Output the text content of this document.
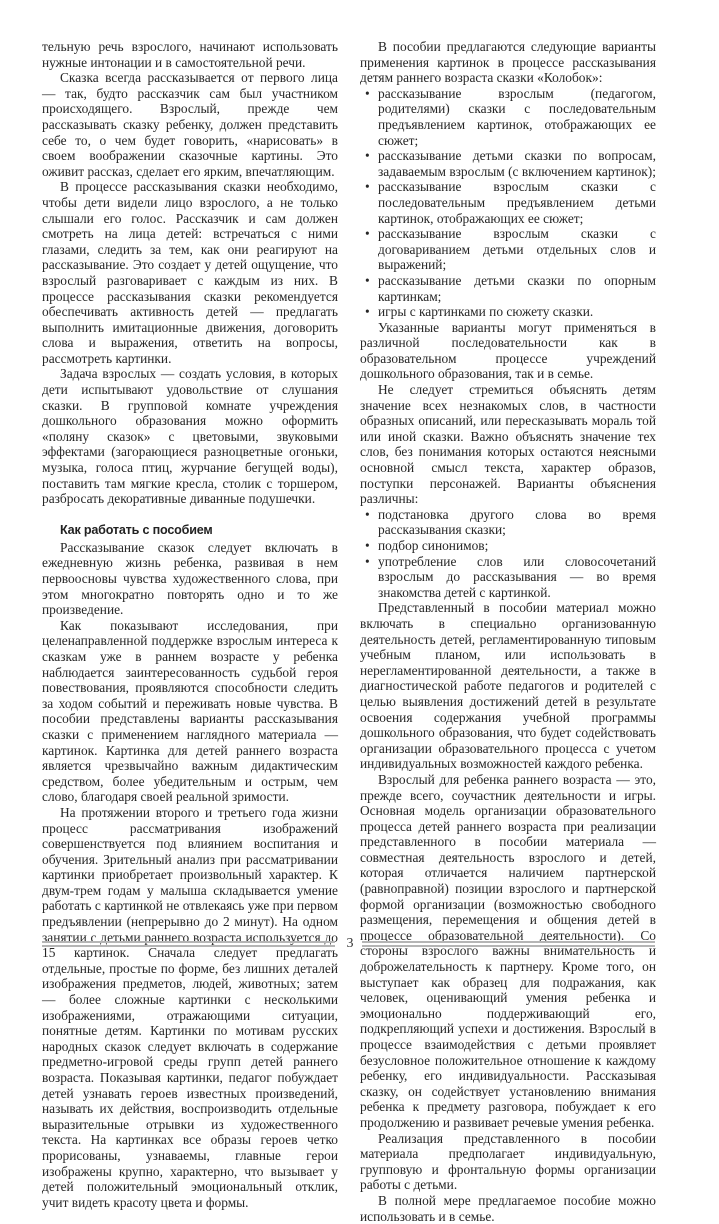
тельную речь взрослого, начинают использовать нужные интонации и в самостоятельной речи.

Сказка всегда рассказывается от первого лица — так, будто рассказчик сам был участником происходящего. Взрослый, прежде чем рассказывать сказку ребенку, должен представить себе то, о чем будет говорить, «нарисовать» в своем воображении сказочные картины. Это оживит рассказ, сделает его ярким, впечатляющим.

В процессе рассказывания сказки необходимо, чтобы дети видели лицо взрослого, а не только слышали его голос. Рассказчик и сам должен смотреть на лица детей: встречаться с ними глазами, следить за тем, как они реагируют на рассказывание. Это создает у детей ощущение, что взрослый разговаривает с каждым из них. В процессе рассказывания сказки рекомендуется обеспечивать активность детей — предлагать выполнить имитационные движения, договорить слова и выражения, ответить на вопросы, рассмотреть картинки.

Задача взрослых — создать условия, в которых дети испытывают удовольствие от слушания сказки. В групповой комнате учреждения дошкольного образования можно оформить «поляну сказок» с цветовыми, звуковыми эффектами (загорающиеся разноцветные огоньки, музыка, голоса птиц, журчание бегущей воды), поставить там мягкие кресла, столик с торшером, разбросать декоративные диванные подушечки.

Как работать с пособием

Рассказывание сказок следует включать в ежедневную жизнь ребенка, развивая в нем первоосновы чувства художественного слова, при этом многократно повторять одно и то же произведение.

Как показывают исследования, при целенаправленной поддержке взрослым интереса к сказкам уже в раннем возрасте у ребенка наблюдается заинтересованность судьбой героя повествования, проявляются способности следить за ходом событий и переживать новые чувства. В пособии представлены варианты рассказывания сказки с применением наглядного материала — картинок. Картинка для детей раннего возраста является чрезвычайно важным дидактическим средством, более убедительным и острым, чем слово, благодаря своей реальной зримости.

На протяжении второго и третьего года жизни процесс рассматривания изображений совершенствуется под влиянием воспитания и обучения. Зрительный анализ при рассматривании картинки приобретает произвольный характер. К двум-трем годам у малыша складывается умение работать с картинкой не отвлекаясь уже при первом предъявлении (непрерывно до 2 минут). На одном занятии с детьми раннего возраста используется до 15 картинок. Сначала следует предлагать отдельные, простые по форме, без лишних деталей изображения предметов, людей, животных; затем — более сложные картинки с несколькими изображениями, отражающими ситуации, понятные детям. Картинки по мотивам русских народных сказок следует включать в содержание предметно-игровой среды групп детей раннего возраста. Показывая картинки, педагог побуждает детей узнавать героев известных произведений, называть их действия, воспроизводить отдельные выразительные отрывки из художественного текста. На картинках все образы героев четко прорисованы, узнаваемы, главные герои изображены крупно, характерно, что вызывает у детей положительный эмоциональный отклик, учит видеть красоту цвета и формы.

В пособии предлагаются следующие варианты применения картинок в процессе рассказывания детям раннего возраста сказки «Колобок»:

• рассказывание взрослым (педагогом, родителями) сказки с последовательным предъявлением картинок, отображающих ее сюжет;
• рассказывание детьми сказки по вопросам, задаваемым взрослым (с включением картинок);
• рассказывание взрослым сказки с последовательным предъявлением детьми картинок, отображающих ее сюжет;
• рассказывание взрослым сказки с договариванием детьми отдельных слов и выражений;
• рассказывание детьми сказки по опорным картинкам;
• игры с картинками по сюжету сказки.

Указанные варианты могут применяться в различной последовательности как в образовательном процессе учреждений дошкольного образования, так и в семье.

Не следует стремиться объяснять детям значение всех незнакомых слов, в частности образных описаний, или пересказывать мораль той или иной сказки. Важно объяснять значение тех слов, без понимания которых остаются неясными основной смысл текста, характер образов, поступки персонажей. Варианты объяснения различны:

• подстановка другого слова во время рассказывания сказки;
• подбор синонимов;
• употребление слов или словосочетаний взрослым до рассказывания — во время знакомства детей с картинкой.

Представленный в пособии материал можно включать в специально организованную деятельность детей, регламентированную типовым учебным планом, или использовать в нерегламентированной деятельности, а также в диагностической работе педагогов и родителей с целью выявления достижений детей в результате освоения содержания учебной программы дошкольного образования, что будет содействовать организации образовательного процесса с учетом индивидуальных возможностей каждого ребенка.

Взрослый для ребенка раннего возраста — это, прежде всего, соучастник деятельности и игры. Основная модель организации образовательного процесса детей раннего возраста при реализации представленного в пособии материала — совместная деятельность взрослого и детей, которая отличается наличием партнерской (равноправной) позиции взрослого и партнерской формой организации (возможностью свободного размещения, перемещения и общения детей в процессе образовательной деятельности). Со стороны взрослого важны внимательность и доброжелательность к партнеру. Кроме того, он выступает как образец для подражания, как человек, оценивающий умения ребенка и эмоционально поддерживающий его, подкрепляющий успехи и достижения. Взрослый в процессе взаимодействия с детьми проявляет безусловное положительное отношение к каждому ребенку, его индивидуальности. Рассказывая сказку, он содействует установлению внимания ребенка к предмету разговора, побуждает к его продолжению и развивает речевые умения ребенка.

Реализация представленного в пособии материала предполагает индивидуальную, групповую и фронтальную формы организации работы с детьми.

В полной мере предлагаемое пособие можно использовать и в семье.

3
